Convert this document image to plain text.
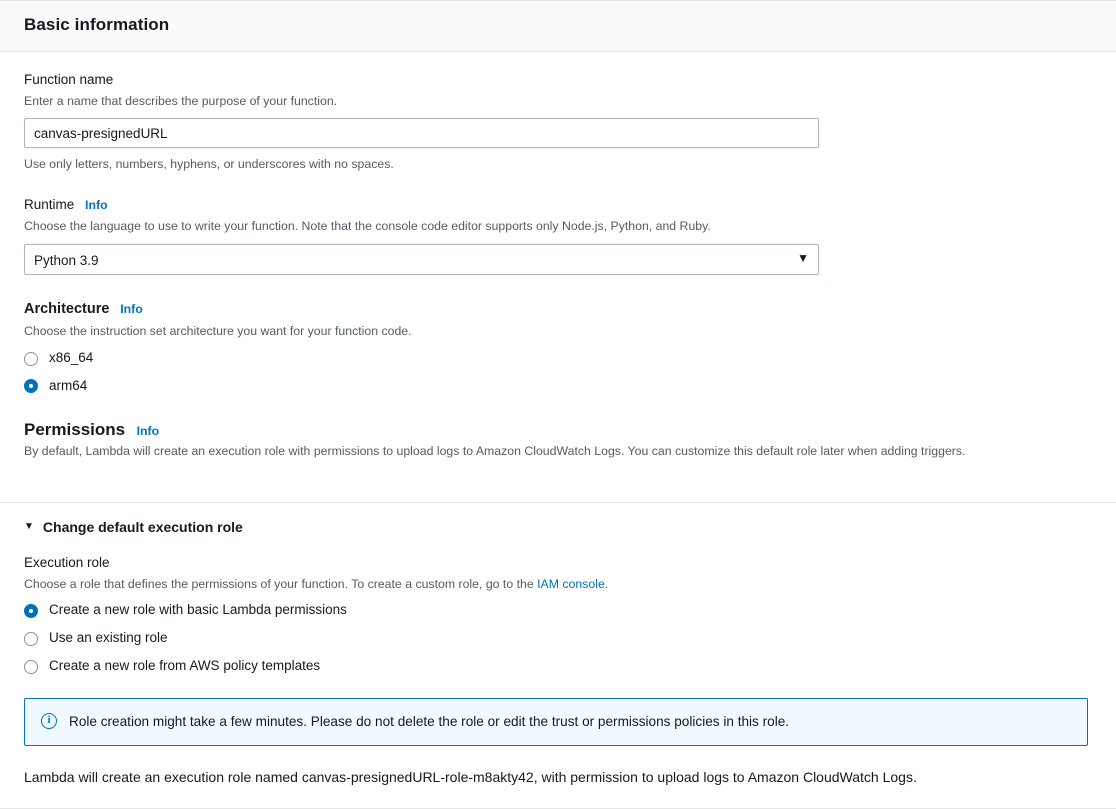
Basic information
Function name
Enter a name that describes the purpose of your function.
canvas-presignedURL
Use only letters, numbers, hyphens, or underscores with no spaces.
Runtime Info
Choose the language to use to write your function. Note that the console code editor supports only Node.js, Python, and Ruby.
Python 3.9	▼
Architecture Info
Choose the instruction set architecture you want for your function code.
x86_64
arm64
Permissions Info
By default, Lambda will create an execution role with permissions to upload logs to Amazon CloudWatch Logs. You can customize this default role later when adding triggers.
▼ Change default execution role
Execution role
Choose a role that defines the permissions of your function. To create a custom role, go to the IAM console.
Create a new role with basic Lambda permissions
Use an existing role
Create a new role from AWS policy templates
i	Role creation might take a few minutes. Please do not delete the role or edit the trust or permissions policies in this role.
Lambda will create an execution role named canvas-presignedURL-role-m8akty42, with permission to upload logs to Amazon CloudWatch Logs.
